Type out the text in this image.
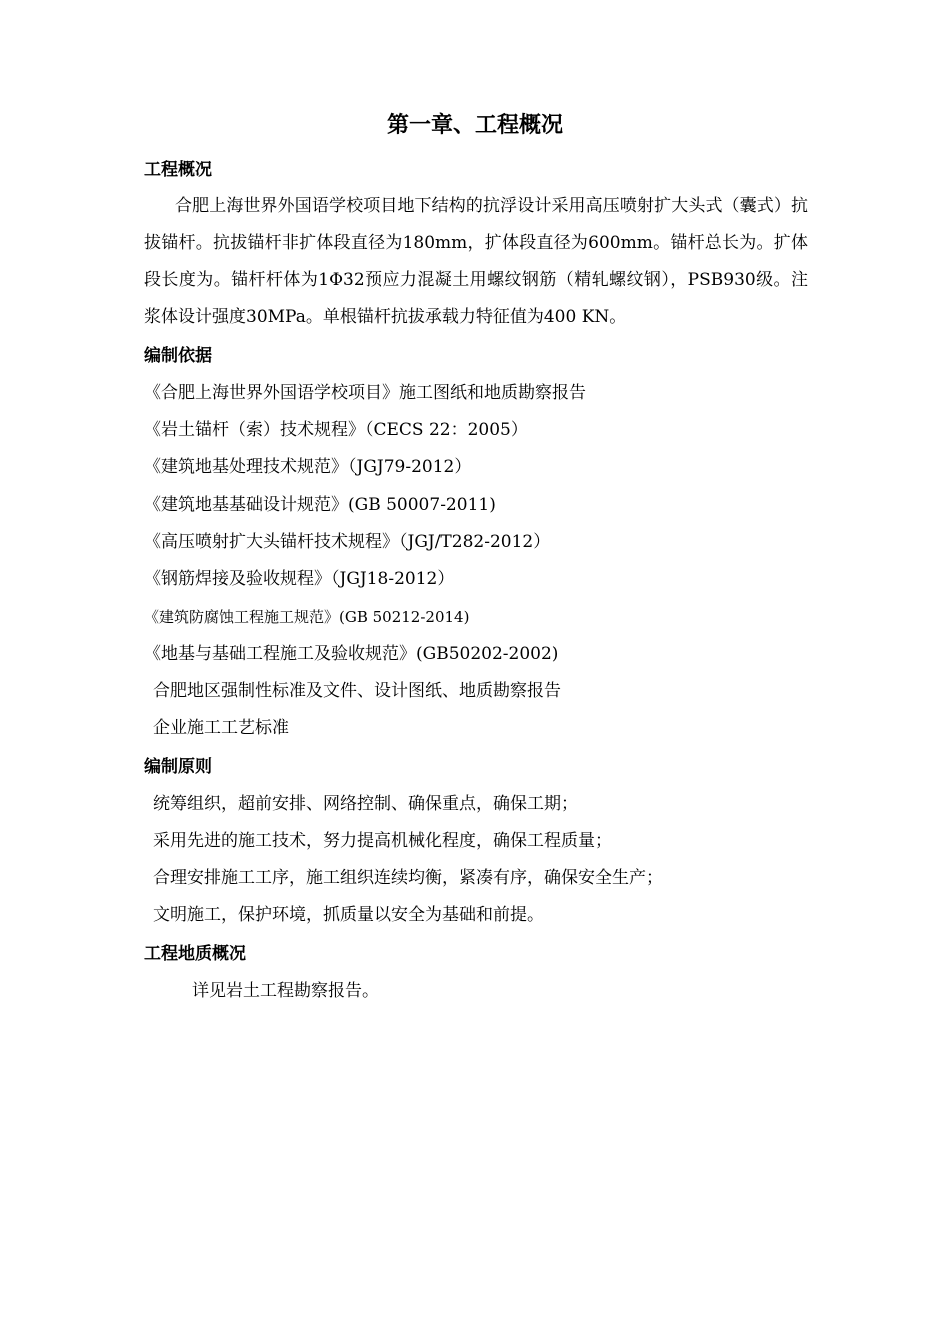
第一章、工程概况
工程概况
合肥上海世界外国语学校项目地下结构的抗浮设计采用高压喷射扩大头式（囊式）抗拔锚杆。抗拔锚杆非扩体段直径为180mm，扩体段直径为600mm。锚杆总长为。扩体段长度为。锚杆杆体为1Φ32预应力混凝土用螺纹钢筋（精轧螺纹钢），PSB930级。注浆体设计强度30MPa。单根锚杆抗拔承载力特征值为400 KN。
编制依据
《合肥上海世界外国语学校项目》施工图纸和地质勘察报告
《岩土锚杆（索）技术规程》（CECS 22：2005）
《建筑地基处理技术规范》（JGJ79-2012）
《建筑地基基础设计规范》(GB 50007-2011)
《高压喷射扩大头锚杆技术规程》（JGJ/T282-2012）
《钢筋焊接及验收规程》（JGJ18-2012）
《建筑防腐蚀工程施工规范》(GB 50212-2014)
《地基与基础工程施工及验收规范》(GB50202-2002)
合肥地区强制性标准及文件、设计图纸、地质勘察报告
企业施工工艺标准
编制原则
统筹组织，超前安排、网络控制、确保重点，确保工期；
采用先进的施工技术，努力提高机械化程度，确保工程质量；
合理安排施工工序，施工组织连续均衡，紧凑有序，确保安全生产；
文明施工，保护环境，抓质量以安全为基础和前提。
工程地质概况
详见岩土工程勘察报告。
